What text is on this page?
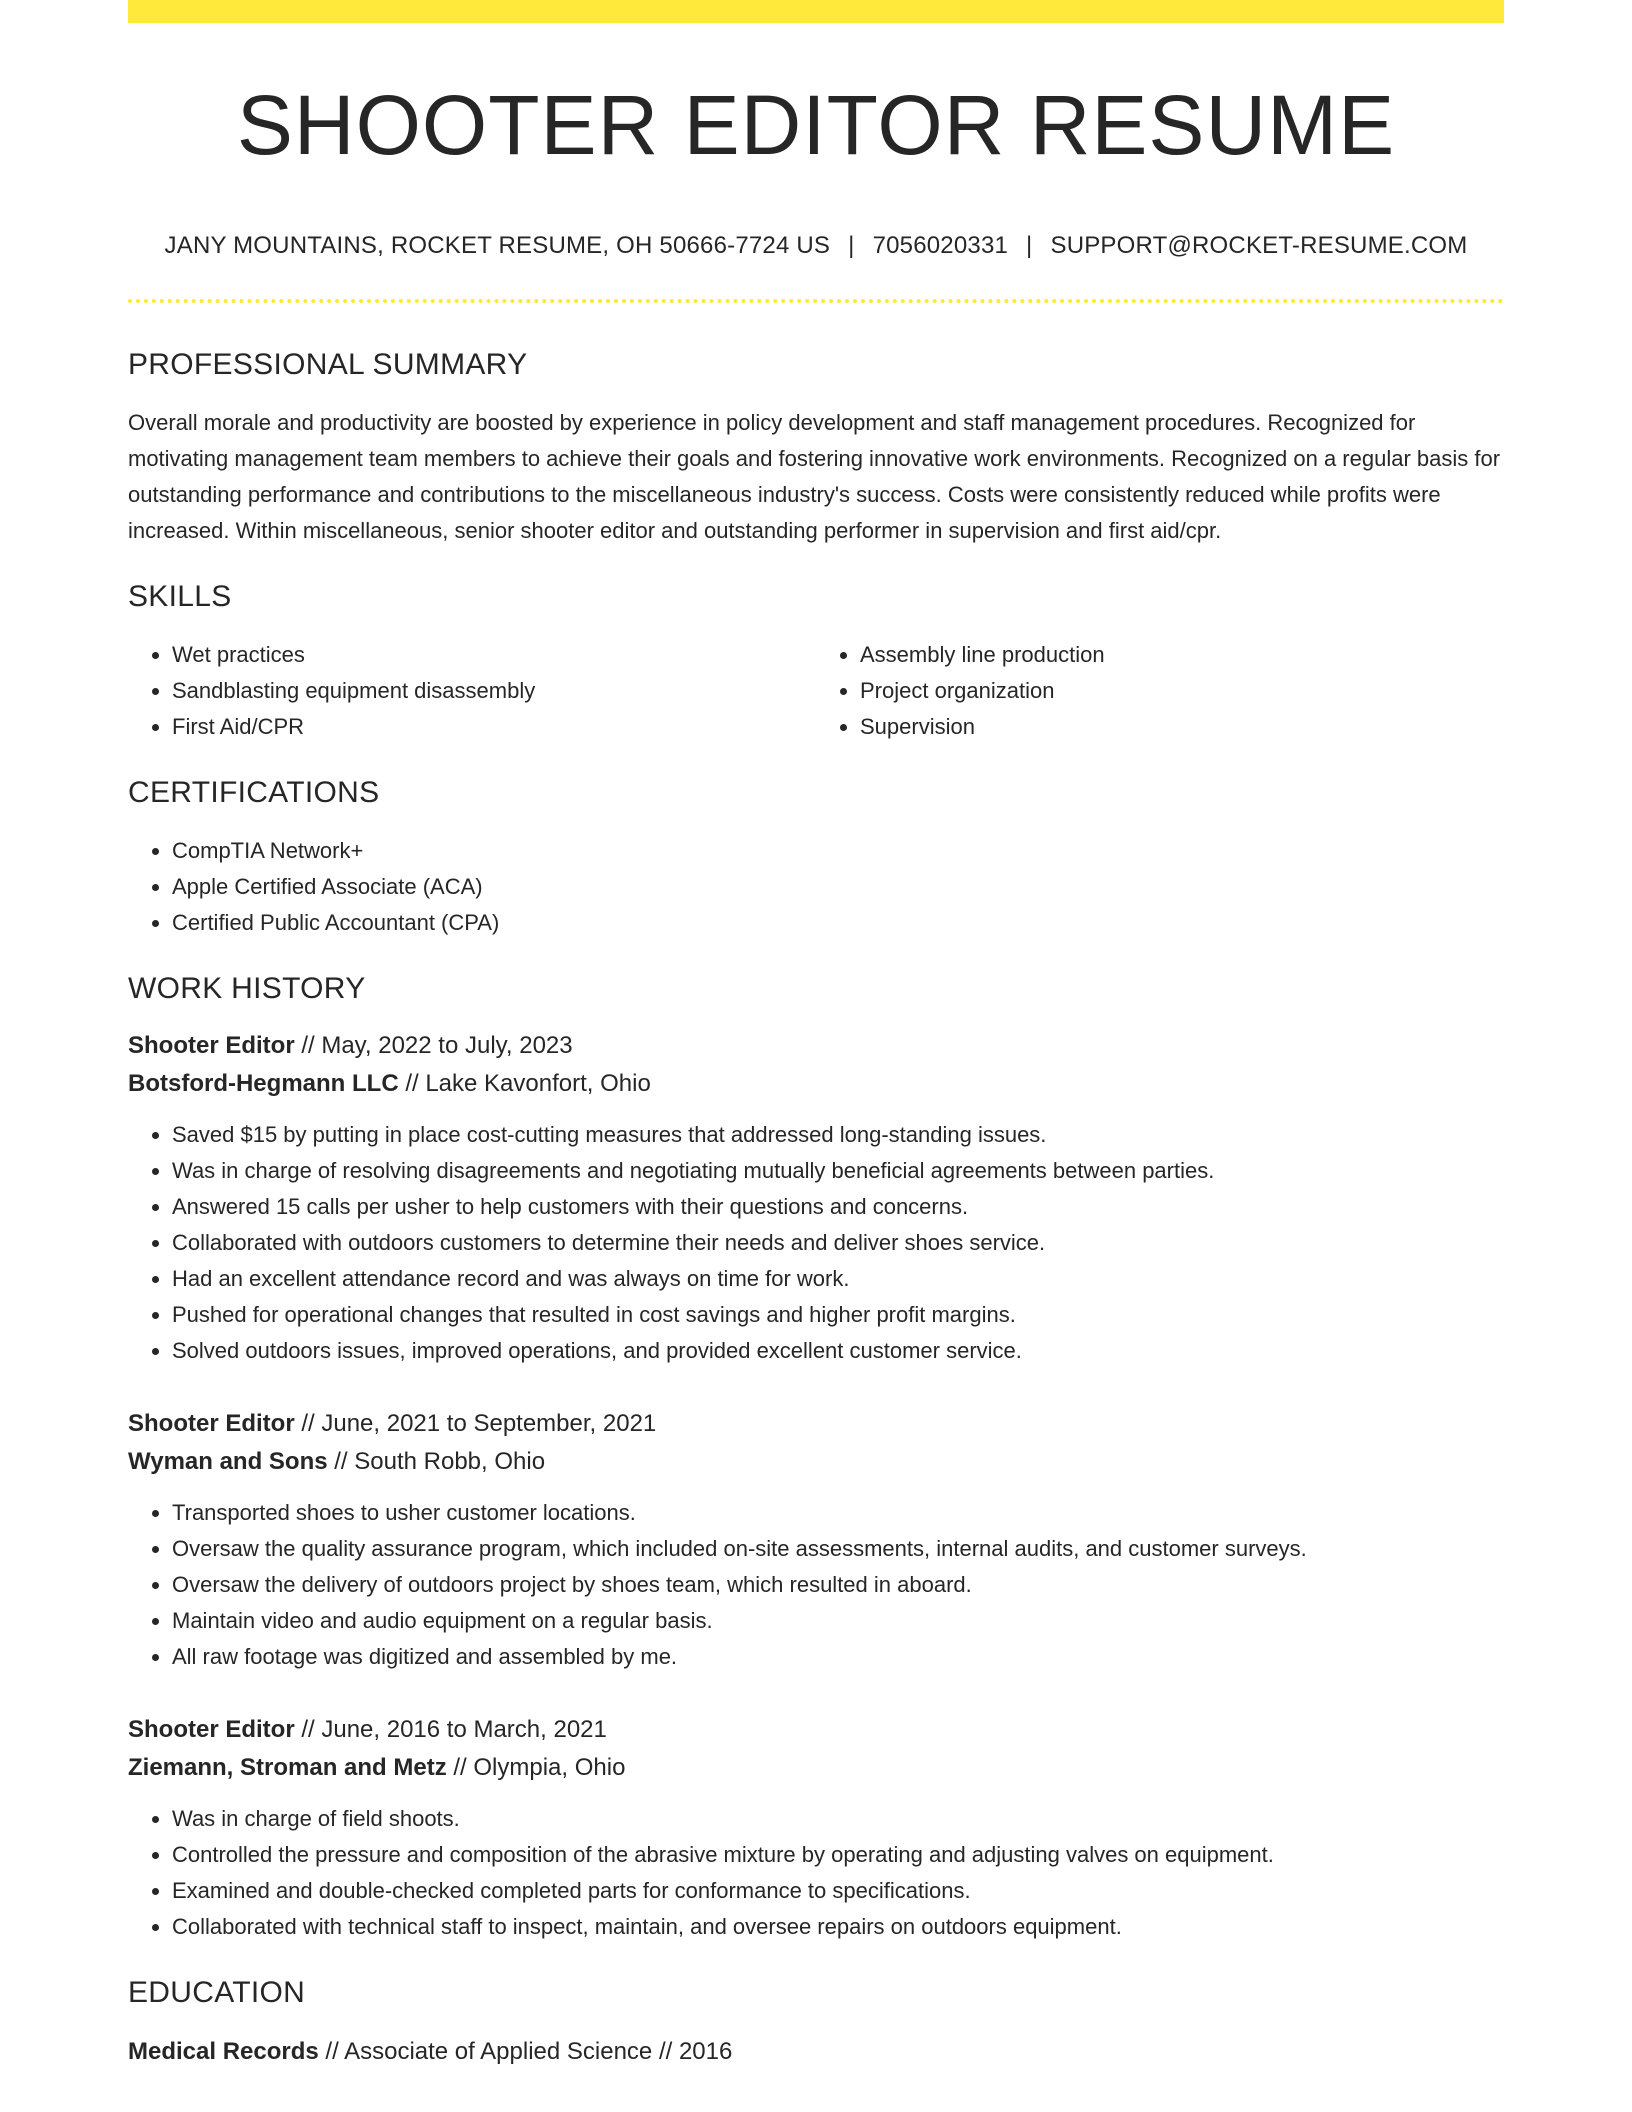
SHOOTER EDITOR RESUME
JANY MOUNTAINS, ROCKET RESUME, OH 50666-7724 US | 7056020331 | SUPPORT@ROCKET-RESUME.COM
PROFESSIONAL SUMMARY
Overall morale and productivity are boosted by experience in policy development and staff management procedures. Recognized for motivating management team members to achieve their goals and fostering innovative work environments. Recognized on a regular basis for outstanding performance and contributions to the miscellaneous industry's success. Costs were consistently reduced while profits were increased. Within miscellaneous, senior shooter editor and outstanding performer in supervision and first aid/cpr.
SKILLS
• Wet practices
• Sandblasting equipment disassembly
• First Aid/CPR
• Assembly line production
• Project organization
• Supervision
CERTIFICATIONS
• CompTIA Network+
• Apple Certified Associate (ACA)
• Certified Public Accountant (CPA)
WORK HISTORY
Shooter Editor // May, 2022 to July, 2023
Botsford-Hegmann LLC // Lake Kavonfort, Ohio
• Saved $15 by putting in place cost-cutting measures that addressed long-standing issues.
• Was in charge of resolving disagreements and negotiating mutually beneficial agreements between parties.
• Answered 15 calls per usher to help customers with their questions and concerns.
• Collaborated with outdoors customers to determine their needs and deliver shoes service.
• Had an excellent attendance record and was always on time for work.
• Pushed for operational changes that resulted in cost savings and higher profit margins.
• Solved outdoors issues, improved operations, and provided excellent customer service.
Shooter Editor // June, 2021 to September, 2021
Wyman and Sons // South Robb, Ohio
• Transported shoes to usher customer locations.
• Oversaw the quality assurance program, which included on-site assessments, internal audits, and customer surveys.
• Oversaw the delivery of outdoors project by shoes team, which resulted in aboard.
• Maintain video and audio equipment on a regular basis.
• All raw footage was digitized and assembled by me.
Shooter Editor // June, 2016 to March, 2021
Ziemann, Stroman and Metz // Olympia, Ohio
• Was in charge of field shoots.
• Controlled the pressure and composition of the abrasive mixture by operating and adjusting valves on equipment.
• Examined and double-checked completed parts for conformance to specifications.
• Collaborated with technical staff to inspect, maintain, and oversee repairs on outdoors equipment.
EDUCATION
Medical Records // Associate of Applied Science // 2016
